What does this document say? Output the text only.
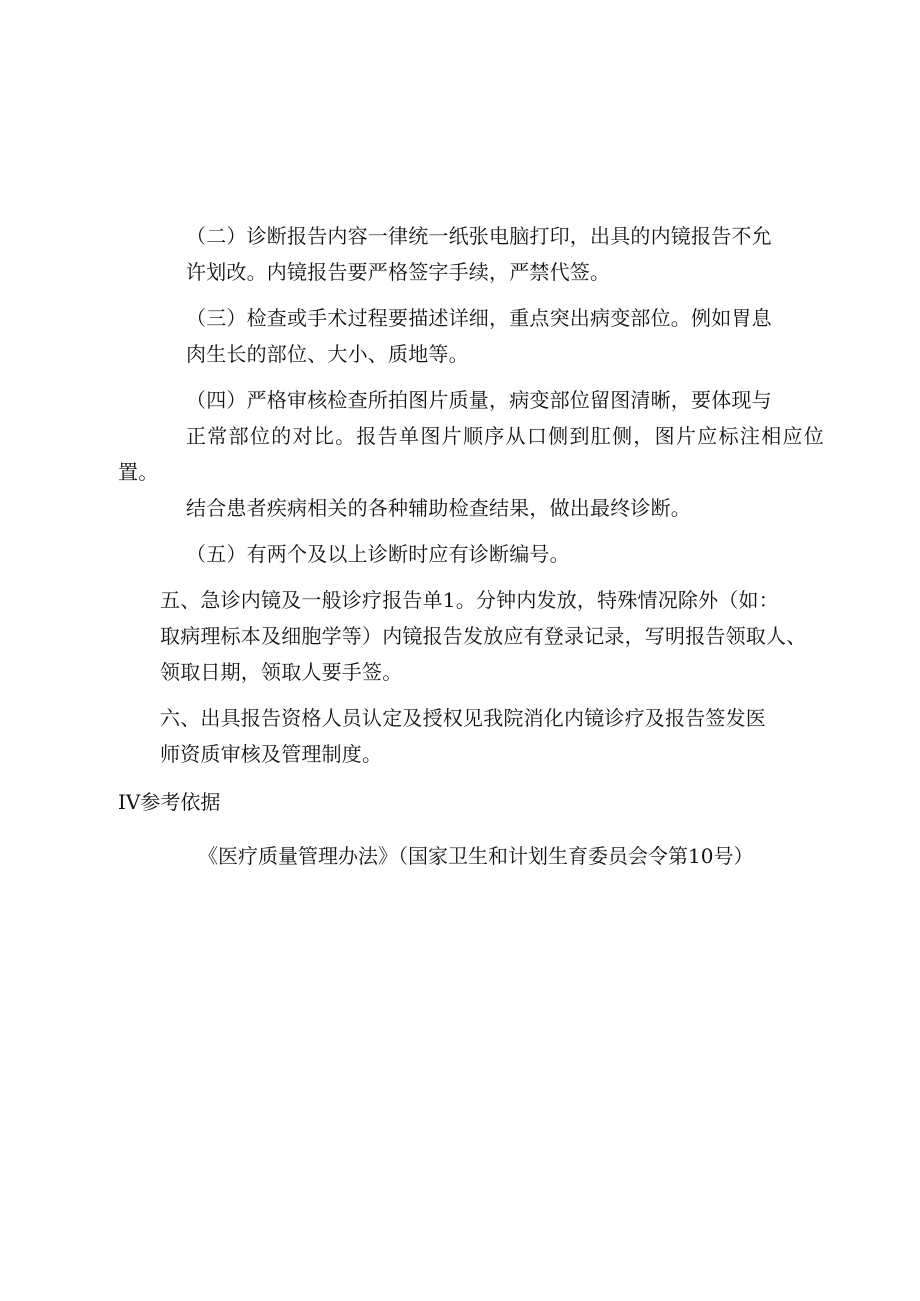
（二）诊断报告内容一律统一纸张电脑打印，出具的内镜报告不允
许划改。内镜报告要严格签字手续，严禁代签。

（三）检查或手术过程要描述详细，重点突出病变部位。例如胃息
肉生长的部位、大小、质地等。

（四）严格审核检查所拍图片质量，病变部位留图清晰，要体现与
正常部位的对比。报告单图片顺序从口侧到肛侧，图片应标注相应位置。
结合患者疾病相关的各种辅助检查结果，做出最终诊断。

（五）有两个及以上诊断时应有诊断编号。

五、急诊内镜及一般诊疗报告单1。分钟内发放，特殊情况除外（如：
取病理标本及细胞学等）内镜报告发放应有登录记录，写明报告领取人、
领取日期，领取人要手签。

六、出具报告资格人员认定及授权见我院消化内镜诊疗及报告签发医
师资质审核及管理制度。

IV参考依据

《医疗质量管理办法》（国家卫生和计划生育委员会令第10号）
